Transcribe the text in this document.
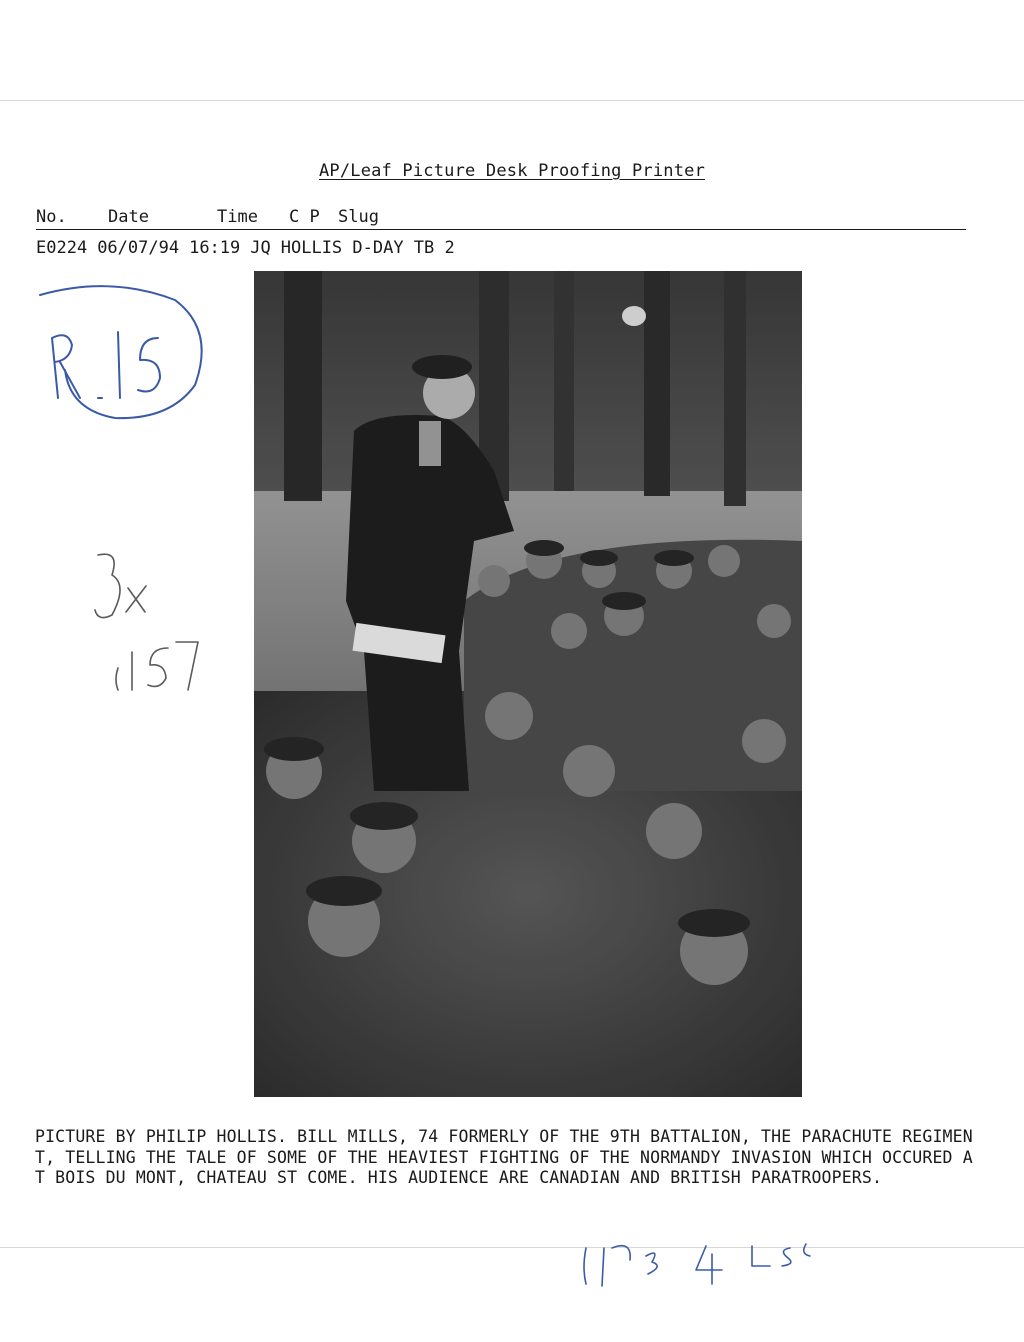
AP/Leaf Picture Desk Proofing Printer
No. Date	Time C P Slug
E0224 06/07/94 16:19 JQ HOLLIS D-DAY TB 2
PICTURE BY PHILIP HOLLIS. BILL MILLS, 74 FORMERLY OF THE 9TH BATTALION, THE PARACHUTE REGIMENT, TELLING THE TALE OF SOME OF THE HEAVIEST FIGHTING OF THE NORMANDY INVASION WHICH OCCURED AT BOIS DU MONT, CHATEAU ST COME. HIS AUDIENCE ARE CANADIAN AND BRITISH PARATROOPERS.
